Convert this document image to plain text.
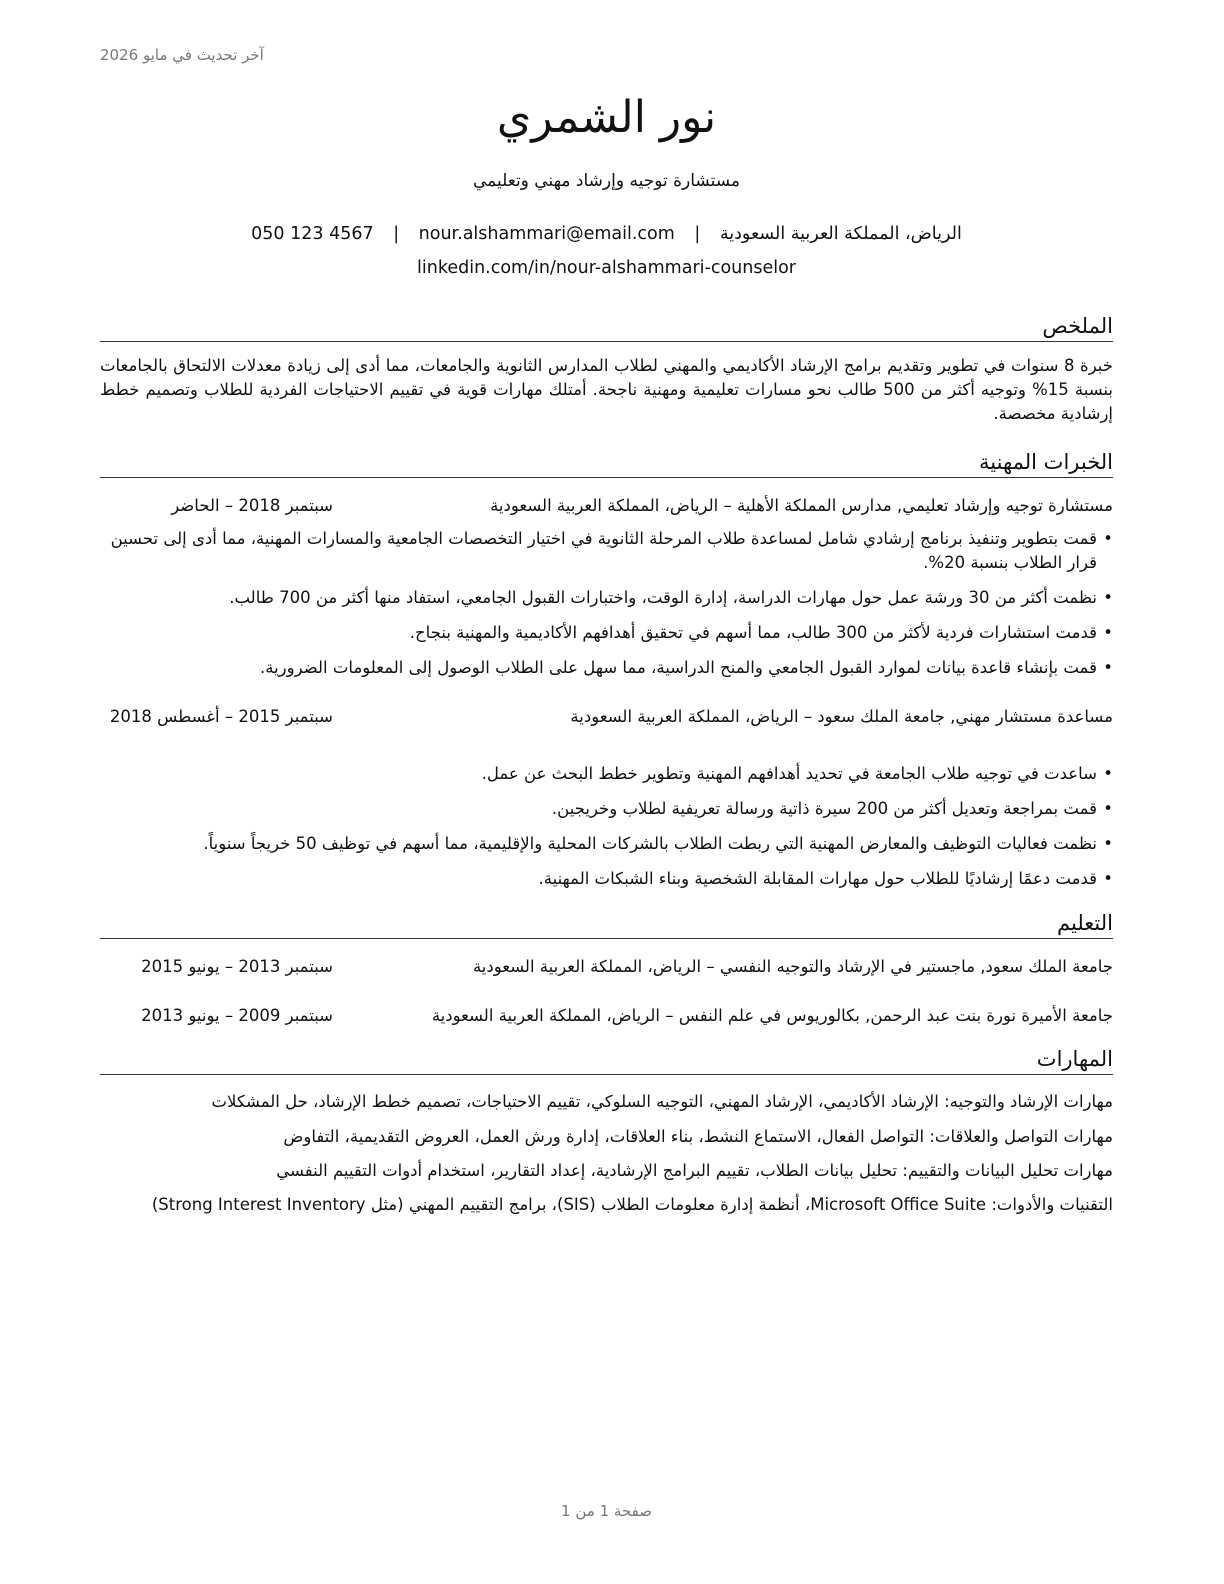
آخر تحديث في مايو 2026
نور الشمري
مستشارة توجيه وإرشاد مهني وتعليمي
الرياض، المملكة العربية السعودية | nour.alshammari@email.com | 050 123 4567
linkedin.com/in/nour-alshammari-counselor
الملخص
خبرة 8 سنوات في تطوير وتقديم برامج الإرشاد الأكاديمي والمهني لطلاب المدارس الثانوية والجامعات، مما أدى إلى زيادة معدلات الالتحاق بالجامعات بنسبة 15% وتوجيه أكثر من 500 طالب نحو مسارات تعليمية ومهنية ناجحة. أمتلك مهارات قوية في تقييم الاحتياجات الفردية للطلاب وتصميم خطط إرشادية مخصصة.
الخبرات المهنية
مستشارة توجيه وإرشاد تعليمي, مدارس المملكة الأهلية – الرياض، المملكة العربية السعودية
سبتمبر 2018 – الحاضر
• قمت بتطوير وتنفيذ برنامج إرشادي شامل لمساعدة طلاب المرحلة الثانوية في اختيار التخصصات الجامعية والمسارات المهنية، مما أدى إلى تحسين قرار الطلاب بنسبة 20%.
• نظمت أكثر من 30 ورشة عمل حول مهارات الدراسة، إدارة الوقت، واختبارات القبول الجامعي، استفاد منها أكثر من 700 طالب.
• قدمت استشارات فردية لأكثر من 300 طالب، مما أسهم في تحقيق أهدافهم الأكاديمية والمهنية بنجاح.
• قمت بإنشاء قاعدة بيانات لموارد القبول الجامعي والمنح الدراسية، مما سهل على الطلاب الوصول إلى المعلومات الضرورية.
مساعدة مستشار مهني, جامعة الملك سعود – الرياض، المملكة العربية السعودية
سبتمبر 2015 – أغسطس 2018
• ساعدت في توجيه طلاب الجامعة في تحديد أهدافهم المهنية وتطوير خطط البحث عن عمل.
• قمت بمراجعة وتعديل أكثر من 200 سيرة ذاتية ورسالة تعريفية لطلاب وخريجين.
• نظمت فعاليات التوظيف والمعارض المهنية التي ربطت الطلاب بالشركات المحلية والإقليمية، مما أسهم في توظيف 50 خريجاً سنوياً.
• قدمت دعمًا إرشاديًا للطلاب حول مهارات المقابلة الشخصية وبناء الشبكات المهنية.
التعليم
جامعة الملك سعود, ماجستير في الإرشاد والتوجيه النفسي – الرياض، المملكة العربية السعودية
سبتمبر 2013 – يونيو 2015
جامعة الأميرة نورة بنت عبد الرحمن, بكالوريوس في علم النفس – الرياض، المملكة العربية السعودية
سبتمبر 2009 – يونيو 2013
المهارات
مهارات الإرشاد والتوجيه: الإرشاد الأكاديمي، الإرشاد المهني، التوجيه السلوكي، تقييم الاحتياجات، تصميم خطط الإرشاد، حل المشكلات
مهارات التواصل والعلاقات: التواصل الفعال، الاستماع النشط، بناء العلاقات، إدارة ورش العمل، العروض التقديمية، التفاوض
مهارات تحليل البيانات والتقييم: تحليل بيانات الطلاب، تقييم البرامج الإرشادية، إعداد التقارير، استخدام أدوات التقييم النفسي
التقنيات والأدوات: Microsoft Office Suite، أنظمة إدارة معلومات الطلاب (SIS)، برامج التقييم المهني (مثل Strong Interest Inventory)
صفحة 1 من 1
